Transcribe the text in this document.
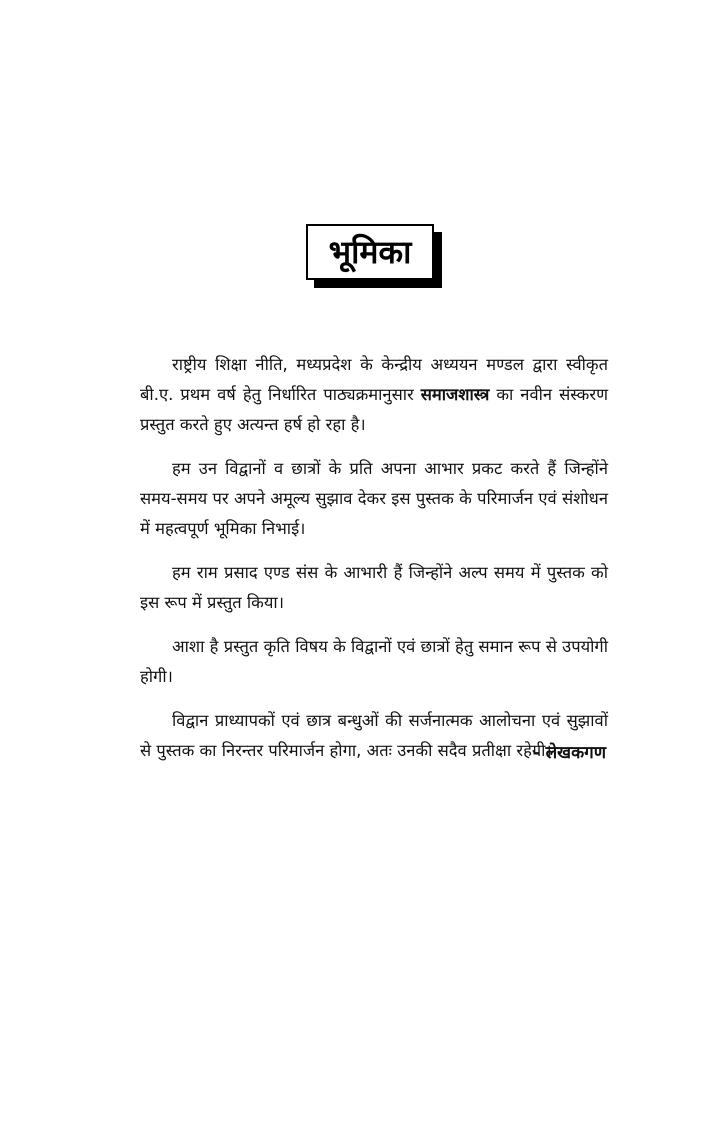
भूमिका

राष्ट्रीय शिक्षा नीति, मध्यप्रदेश के केन्द्रीय अध्ययन मण्डल द्वारा स्वीकृत बी.ए. प्रथम वर्ष हेतु निर्धारित पाठ्यक्रमानुसार समाजशास्त्र का नवीन संस्करण प्रस्तुत करते हुए अत्यन्त हर्ष हो रहा है।

हम उन विद्वानों व छात्रों के प्रति अपना आभार प्रकट करते हैं जिन्होंने समय-समय पर अपने अमूल्य सुझाव देकर इस पुस्तक के परिमार्जन एवं संशोधन में महत्वपूर्ण भूमिका निभाई।

हम राम प्रसाद एण्ड संस के आभारी हैं जिन्होंने अल्प समय में पुस्तक को इस रूप में प्रस्तुत किया।

आशा है प्रस्तुत कृति विषय के विद्वानों एवं छात्रों हेतु समान रूप से उपयोगी होगी।

विद्वान प्राध्यापकों एवं छात्र बन्धुओं की सर्जनात्मक आलोचना एवं सुझावों से पुस्तक का निरन्तर परिमार्जन होगा, अतः उनकी सदैव प्रतीक्षा रहेगी।

- लेखकगण
